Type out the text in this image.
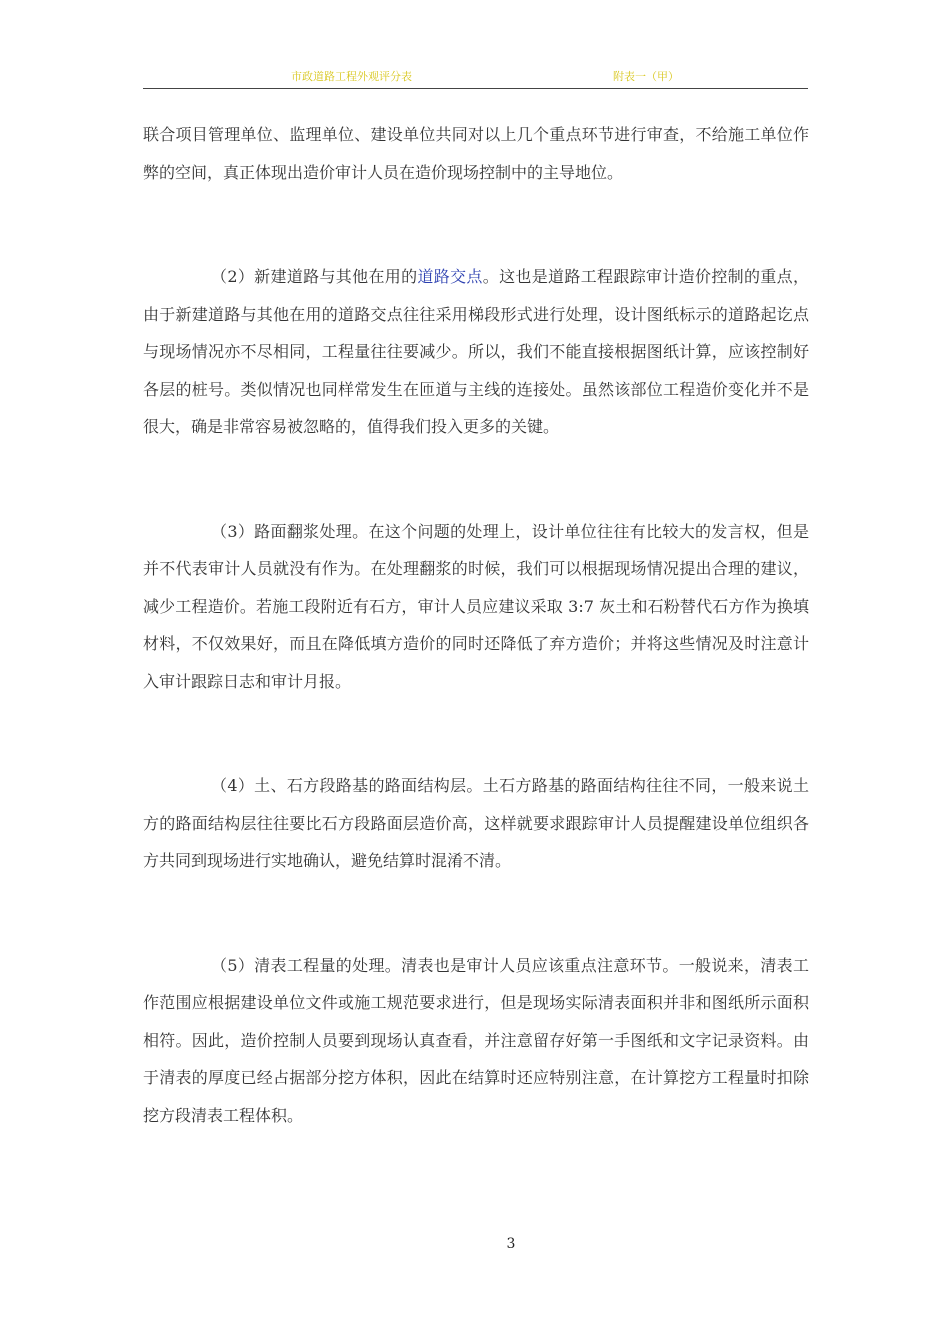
市政道路工程外观评分表	附表一（甲）

联合项目管理单位、监理单位、建设单位共同对以上几个重点环节进行审查，不给施工单位作弊的空间，真正体现出造价审计人员在造价现场控制中的主导地位。

（2）新建道路与其他在用的道路交点。这也是道路工程跟踪审计造价控制的重点，由于新建道路与其他在用的道路交点往往采用梯段形式进行处理，设计图纸标示的道路起讫点与现场情况亦不尽相同，工程量往往要减少。所以，我们不能直接根据图纸计算，应该控制好各层的桩号。类似情况也同样常发生在匝道与主线的连接处。虽然该部位工程造价变化并不是很大，确是非常容易被忽略的，值得我们投入更多的关键。

（3）路面翻浆处理。在这个问题的处理上，设计单位往往有比较大的发言权，但是并不代表审计人员就没有作为。在处理翻浆的时候，我们可以根据现场情况提出合理的建议，减少工程造价。若施工段附近有石方，审计人员应建议采取 3:7 灰土和石粉替代石方作为换填材料，不仅效果好，而且在降低填方造价的同时还降低了弃方造价；并将这些情况及时注意计入审计跟踪日志和审计月报。

（4）土、石方段路基的路面结构层。土石方路基的路面结构往往不同，一般来说土方的路面结构层往往要比石方段路面层造价高，这样就要求跟踪审计人员提醒建设单位组织各方共同到现场进行实地确认，避免结算时混淆不清。

（5）清表工程量的处理。清表也是审计人员应该重点注意环节。一般说来，清表工作范围应根据建设单位文件或施工规范要求进行，但是现场实际清表面积并非和图纸所示面积相符。因此，造价控制人员要到现场认真查看，并注意留存好第一手图纸和文字记录资料。由于清表的厚度已经占据部分挖方体积，因此在结算时还应特别注意，在计算挖方工程量时扣除挖方段清表工程体积。

3
